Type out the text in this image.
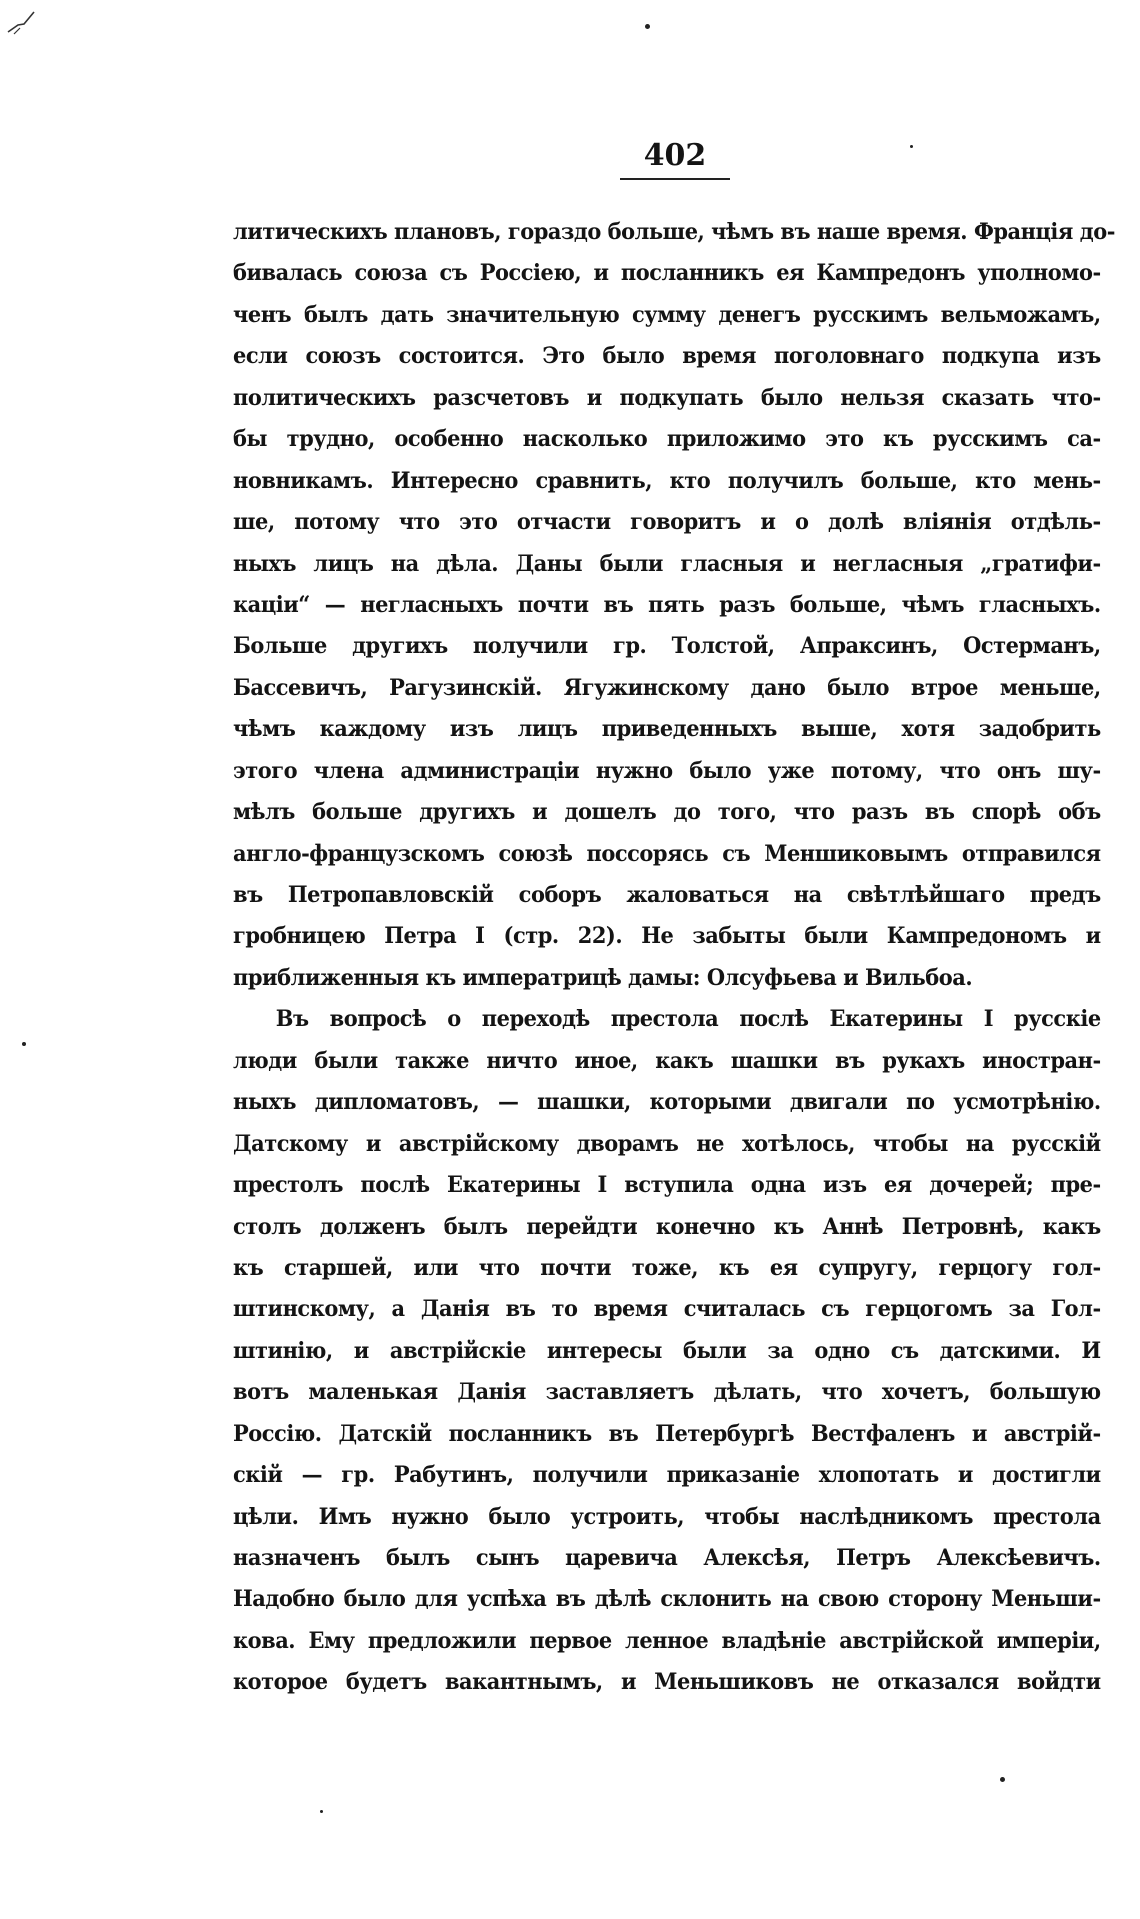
402
литическихъ плановъ, гораздо больше, чѣмъ въ наше время. Франція до-
бивалась союза съ Россіею, и посланникъ ея Кампредонъ уполномо-
ченъ былъ дать значительную сумму денегъ русскимъ вельможамъ,
если союзъ состоится. Это было время поголовнаго подкупа изъ
политическихъ разсчетовъ и подкупать было нельзя сказать что-
бы трудно, особенно насколько приложимо это къ русскимъ са-
новникамъ. Интересно сравнить, кто получилъ больше, кто мень-
ше, потому что это отчасти говоритъ и о долѣ вліянія отдѣль-
ныхъ лицъ на дѣла. Даны были гласныя и негласныя „гратифи-
каціи“ — негласныхъ почти въ пять разъ больше, чѣмъ гласныхъ.
Больше другихъ получили гр. Толстой, Апраксинъ, Остерманъ,
Бассевичъ, Рагузинскій. Ягужинскому дано было втрое меньше,
чѣмъ каждому изъ лицъ приведенныхъ выше, хотя задобрить
этого члена администраціи нужно было уже потому, что онъ шу-
мѣлъ больше другихъ и дошелъ до того, что разъ въ спорѣ объ
англо-французскомъ союзѣ поссорясь съ Меншиковымъ отправился
въ Петропавловскій соборъ жаловаться на свѣтлѣйшаго предъ
гробницею Петра I (стр. 22). Не забыты были Кампредономъ и
приближенныя къ императрицѣ дамы: Олсуфьева и Вильбоа.
Въ вопросѣ о переходѣ престола послѣ Екатерины I русскіе
люди были также ничто иное, какъ шашки въ рукахъ иностран-
ныхъ дипломатовъ, — шашки, которыми двигали по усмотрѣнію.
Датскому и австрійскому дворамъ не хотѣлось, чтобы на русскій
престолъ послѣ Екатерины I вступила одна изъ ея дочерей; пре-
столъ долженъ былъ перейдти конечно къ Аннѣ Петровнѣ, какъ
къ старшей, или что почти тоже, къ ея супругу, герцогу гол-
штинскому, а Данія въ то время считалась съ герцогомъ за Гол-
штинію, и австрійскіе интересы были за одно съ датскими. И
вотъ маленькая Данія заставляетъ дѣлать, что хочетъ, большую
Россію. Датскій посланникъ въ Петербургѣ Вестфаленъ и австрій-
скій — гр. Рабутинъ, получили приказаніе хлопотать и достигли
цѣли. Имъ нужно было устроить, чтобы наслѣдникомъ престола
назначенъ былъ сынъ царевича Алексѣя, Петръ Алексѣевичъ.
Надобно было для успѣха въ дѣлѣ склонить на свою сторону Меньши-
кова. Ему предложили первое ленное владѣніе австрійской имперіи,
которое будетъ вакантнымъ, и Меньшиковъ не отказался войдти
